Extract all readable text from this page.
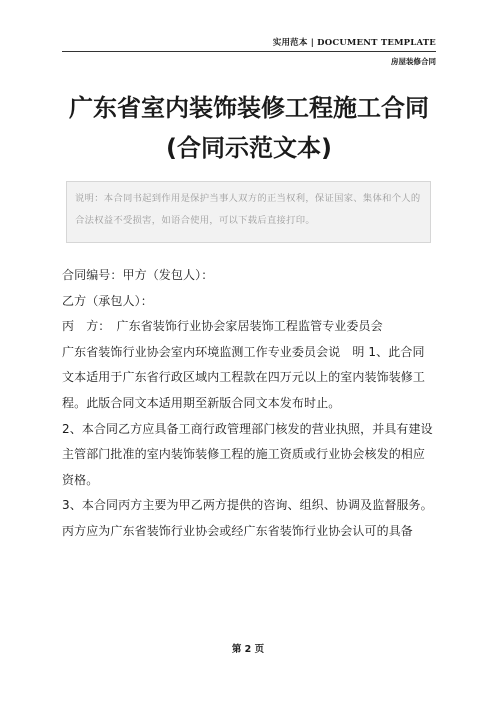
实用范本 | DOCUMENT TEMPLATE
房屋装修合同
广东省室内装饰装修工程施工合同(合同示范文本)
说明：本合同书起到作用是保护当事人双方的正当权利，保证国家、集体和个人的合法权益不受损害，如语合使用，可以下载后直接打印。

合同编号：甲方（发包人）：

乙方（承包人）：

丙　方：　广东省装饰行业协会家居装饰工程监管专业委员会

广东省装饰行业协会室内环境监测工作专业委员会说　明 1、此合同文本适用于广东省行政区域内工程款在四万元以上的室内装饰装修工程。此版合同文本适用期至新版合同文本发布时止。

2、本合同乙方应具备工商行政管理部门核发的营业执照，并具有建设主管部门批准的室内装饰装修工程的施工资质或行业协会核发的相应资格。

3、本合同丙方主要为甲乙两方提供的咨询、组织、协调及监督服务。丙方应为广东省装饰行业协会或经广东省装饰行业协会认可的具备

第 2 页
